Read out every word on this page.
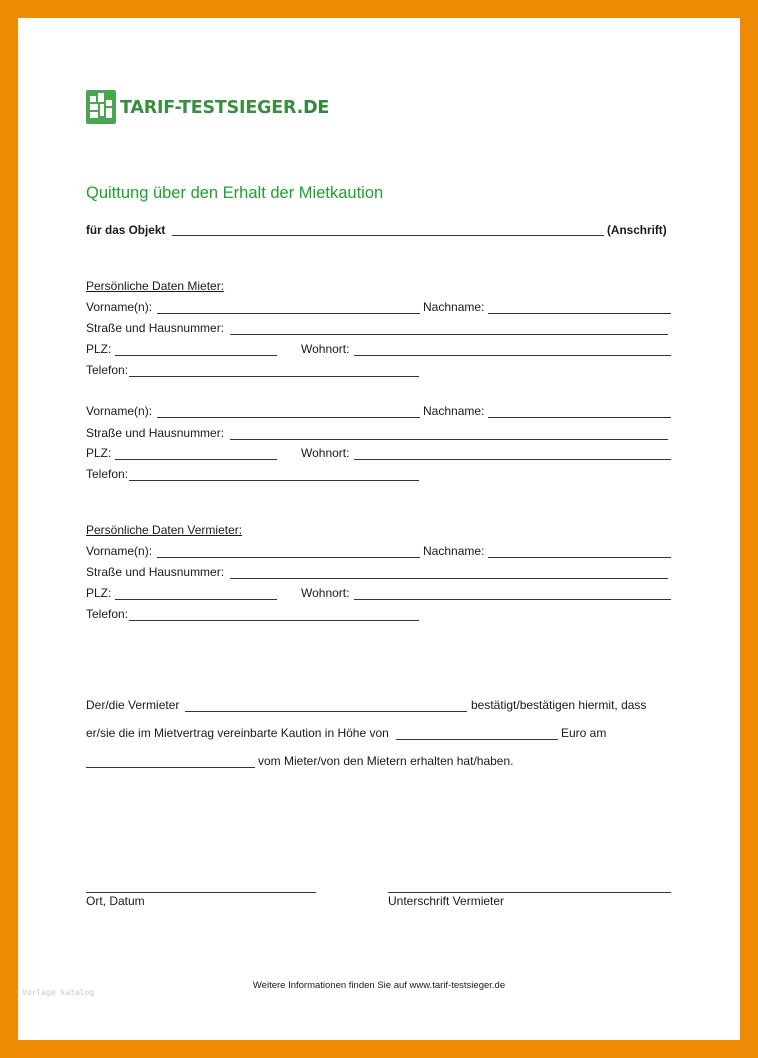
TARIF-TESTSIEGER.DE
Quittung über den Erhalt der Mietkaution
für das Objekt	(Anschrift)
Persönliche Daten Mieter:
Vorname(n):	Nachname:
Straße und Hausnummer:
PLZ:	Wohnort:
Telefon:
Vorname(n):	Nachname:
Straße und Hausnummer:
PLZ:	Wohnort:
Telefon:
Persönliche Daten Vermieter:
Vorname(n):	Nachname:
Straße und Hausnummer:
PLZ:	Wohnort:
Telefon:
Der/die Vermieter	bestätigt/bestätigen hiermit, dass
er/sie die im Mietvertrag vereinbarte Kaution in Höhe von	Euro am
vom Mieter/von den Mietern erhalten hat/haben.
Ort, Datum	Unterschrift Vermieter
Weitere Informationen finden Sie auf www.tarif-testsieger.de
Vorlage katalog
